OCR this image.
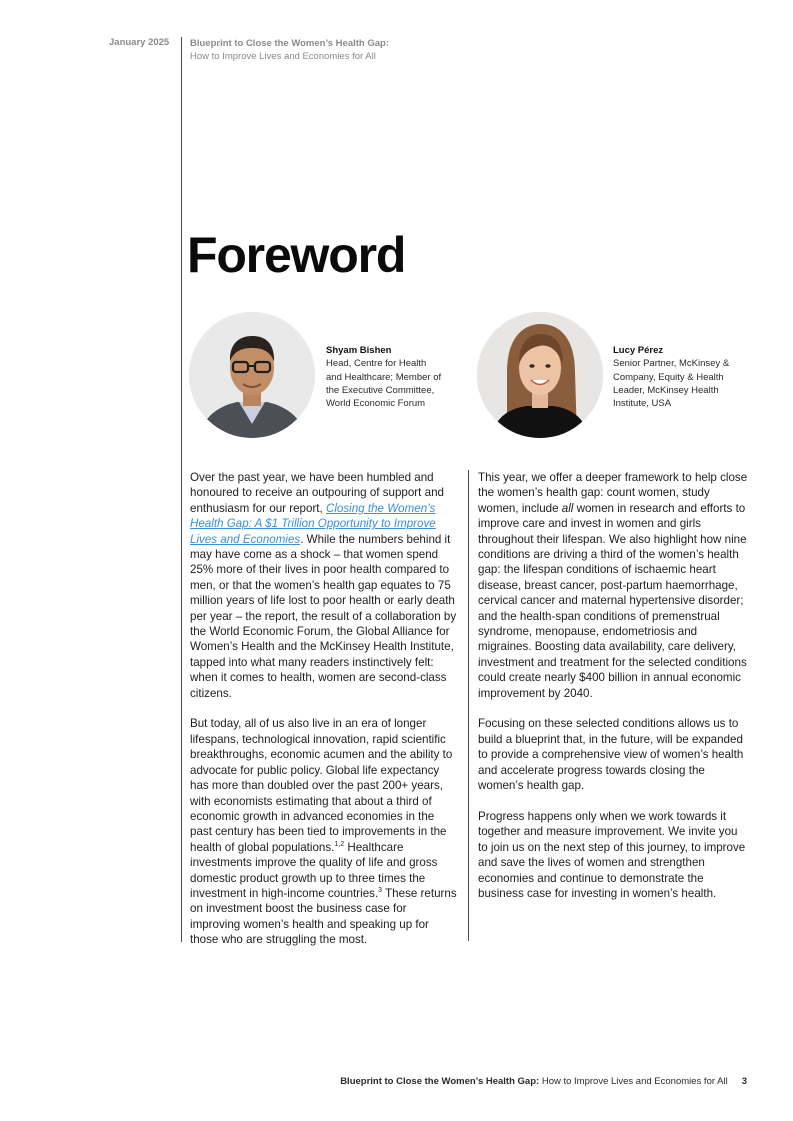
January 2025 Blueprint to Close the Women’s Health Gap:
How to Improve Lives and Economies for All
Foreword
Shyam Bishen
Head, Centre for Health
and Healthcare; Member of
the Executive Committee,
World Economic Forum
Lucy Pérez
Senior Partner, McKinsey &
Company, Equity & Health
Leader, McKinsey Health
Institute, USA

Over the past year, we have been humbled and honoured to receive an outpouring of support and enthusiasm for our report, Closing the Women’s Health Gap: A $1 Trillion Opportunity to Improve Lives and Economies. While the numbers behind it may have come as a shock – that women spend 25% more of their lives in poor health compared to men, or that the women’s health gap equates to 75 million years of life lost to poor health or early death per year – the report, the result of a collaboration by the World Economic Forum, the Global Alliance for Women’s Health and the McKinsey Health Institute, tapped into what many readers instinctively felt: when it comes to health, women are second-class citizens.

But today, all of us also live in an era of longer lifespans, technological innovation, rapid scientific breakthroughs, economic acumen and the ability to advocate for public policy. Global life expectancy has more than doubled over the past 200+ years, with economists estimating that about a third of economic growth in advanced economies in the past century has been tied to improvements in the health of global populations.$^{1,2}$ Healthcare investments improve the quality of life and gross domestic product growth up to three times the investment in high-income countries.$^3$ These returns on investment boost the business case for improving women’s health and speaking up for those who are struggling the most.

This year, we offer a deeper framework to help close the women’s health gap: count women, study women, include all women in research and efforts to improve care and invest in women and girls throughout their lifespan. We also highlight how nine conditions are driving a third of the women’s health gap: the lifespan conditions of ischaemic heart disease, breast cancer, post-partum haemorrhage, cervical cancer and maternal hypertensive disorder; and the health-span conditions of premenstrual syndrome, menopause, endometriosis and migraines. Boosting data availability, care delivery, investment and treatment for the selected conditions could create nearly $400 billion in annual economic improvement by 2040.

Focusing on these selected conditions allows us to build a blueprint that, in the future, will be expanded to provide a comprehensive view of women’s health and accelerate progress towards closing the women’s health gap.

Progress happens only when we work towards it together and measure improvement. We invite you to join us on the next step of this journey, to improve and save the lives of women and strengthen economies and continue to demonstrate the business case for investing in women’s health.

Blueprint to Close the Women’s Health Gap: How to Improve Lives and Economies for All 3
